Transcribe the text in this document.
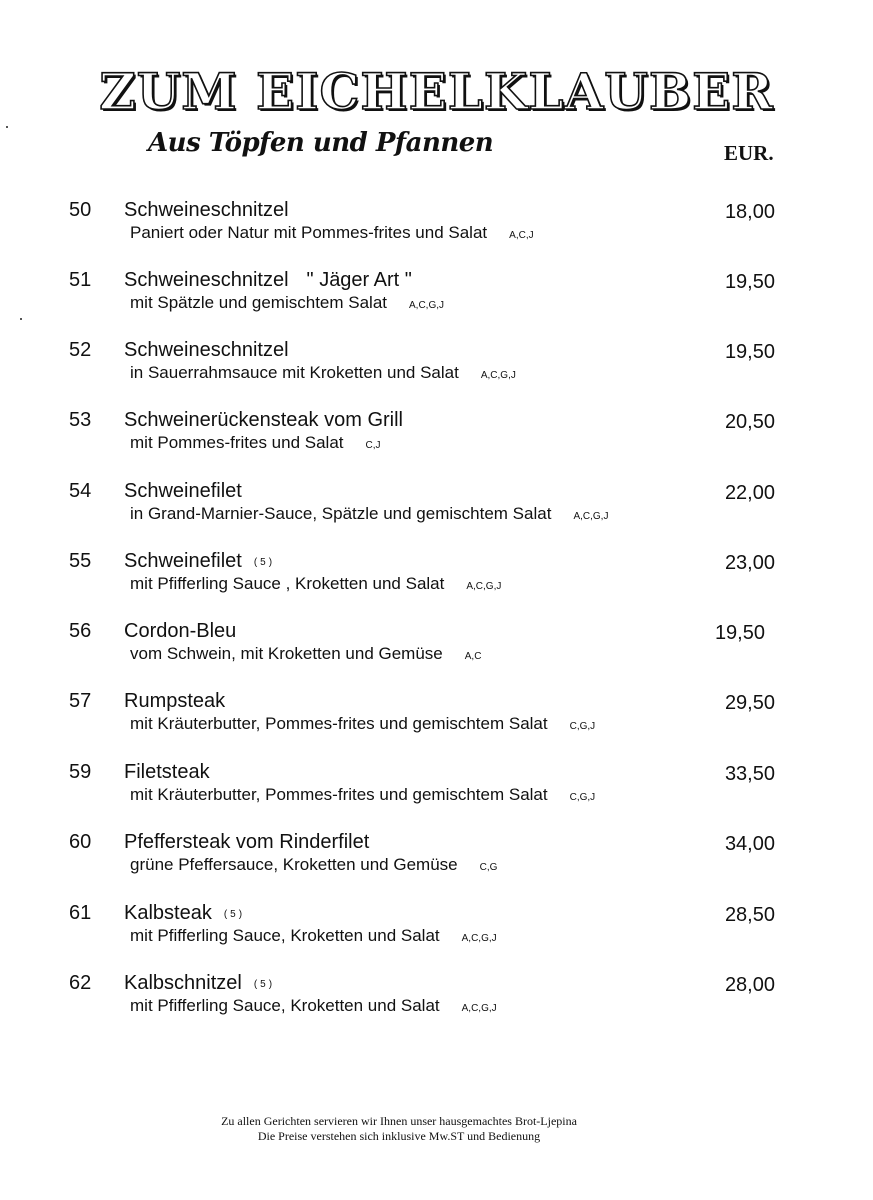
ZUM EICHELKLAUBER
Aus Töpfen und Pfannen	EUR.
50 Schweineschnitzel
Paniert oder Natur mit Pommes-frites und Salat A,C,J
18,00
51 Schweineschnitzel " Jäger Art "
mit Spätzle und gemischtem Salat A,C,G,J
19,50
52 Schweineschnitzel
in Sauerrahmsauce mit Kroketten und Salat A,C,G,J
19,50
53 Schweinerückensteak vom Grill
mit Pommes-frites und Salat C,J
20,50
54 Schweinefilet
in Grand-Marnier-Sauce, Spätzle und gemischtem Salat A,C,G,J
22,00
55 Schweinefilet (5)
mit Pfifferling Sauce , Kroketten und Salat A,C,G,J
23,00
56 Cordon-Bleu
vom Schwein, mit Kroketten und Gemüse A,C
19,50
57 Rumpsteak
mit Kräuterbutter, Pommes-frites und gemischtem Salat C,G,J
29,50
59 Filetsteak
mit Kräuterbutter, Pommes-frites und gemischtem Salat C,G,J
33,50
60 Pfeffersteak vom Rinderfilet
grüne Pfeffersauce, Kroketten und Gemüse C,G
34,00
61 Kalbsteak (5)
mit Pfifferling Sauce, Kroketten und Salat A,C,G,J
28,50
62 Kalbschnitzel (5)
mit Pfifferling Sauce, Kroketten und Salat A,C,G,J
28,00
Zu allen Gerichten servieren wir Ihnen unser hausgemachtes Brot-Ljepina
Die Preise verstehen sich inklusive Mw.ST und Bedienung
